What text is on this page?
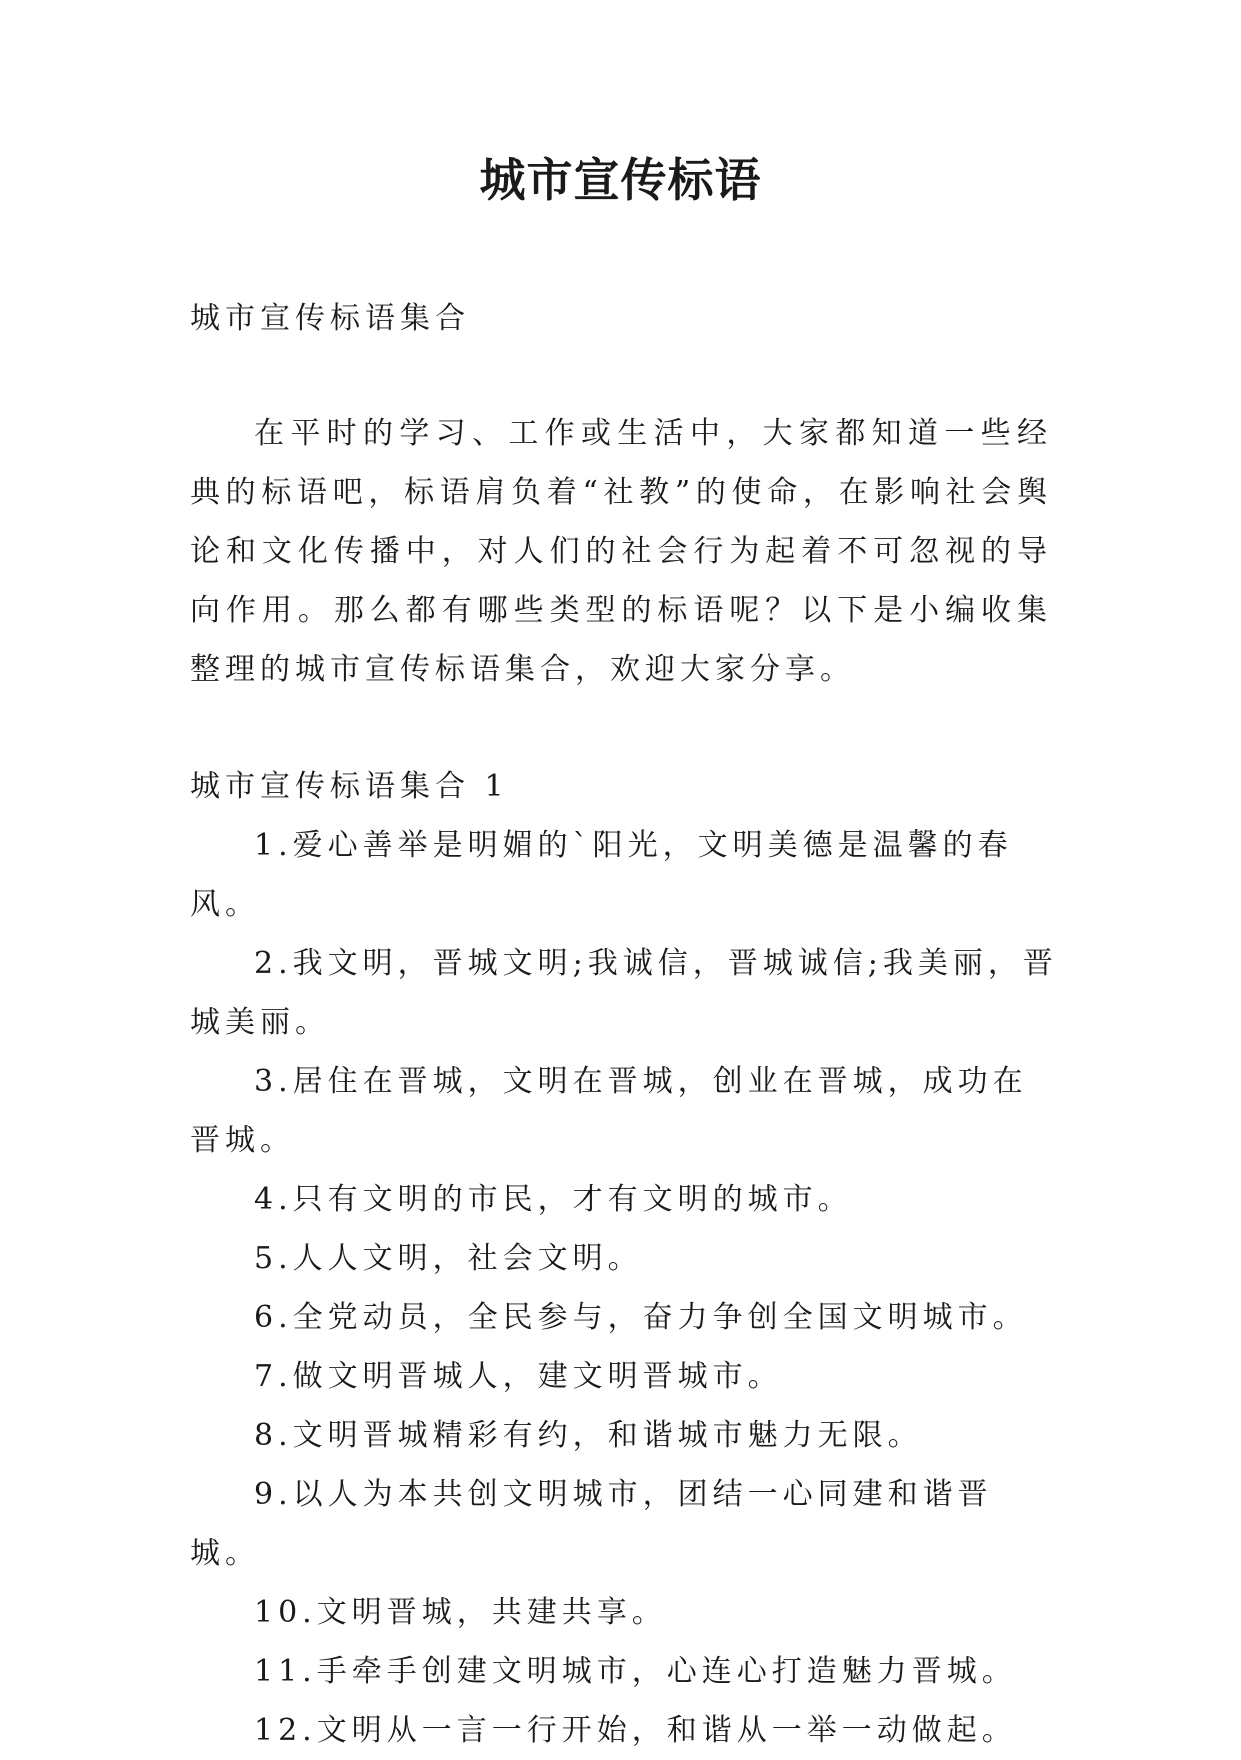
城市宣传标语
城市宣传标语集合

在平时的学习、工作或生活中，大家都知道一些经典的标语吧，标语肩负着“社教”的使命，在影响社会舆论和文化传播中，对人们的社会行为起着不可忽视的导向作用。那么都有哪些类型的标语呢？以下是小编收集整理的城市宣传标语集合，欢迎大家分享。

城市宣传标语集合 1
1.爱心善举是明媚的`阳光，文明美德是温馨的春风。
2.我文明，晋城文明;我诚信，晋城诚信;我美丽，晋城美丽。
3.居住在晋城，文明在晋城，创业在晋城，成功在晋城。
4.只有文明的市民，才有文明的城市。
5.人人文明，社会文明。
6.全党动员，全民参与，奋力争创全国文明城市。
7.做文明晋城人，建文明晋城市。
8.文明晋城精彩有约，和谐城市魅力无限。
9.以人为本共创文明城市，团结一心同建和谐晋城。
10.文明晋城，共建共享。
11.手牵手创建文明城市，心连心打造魅力晋城。
12.文明从一言一行开始，和谐从一举一动做起。
